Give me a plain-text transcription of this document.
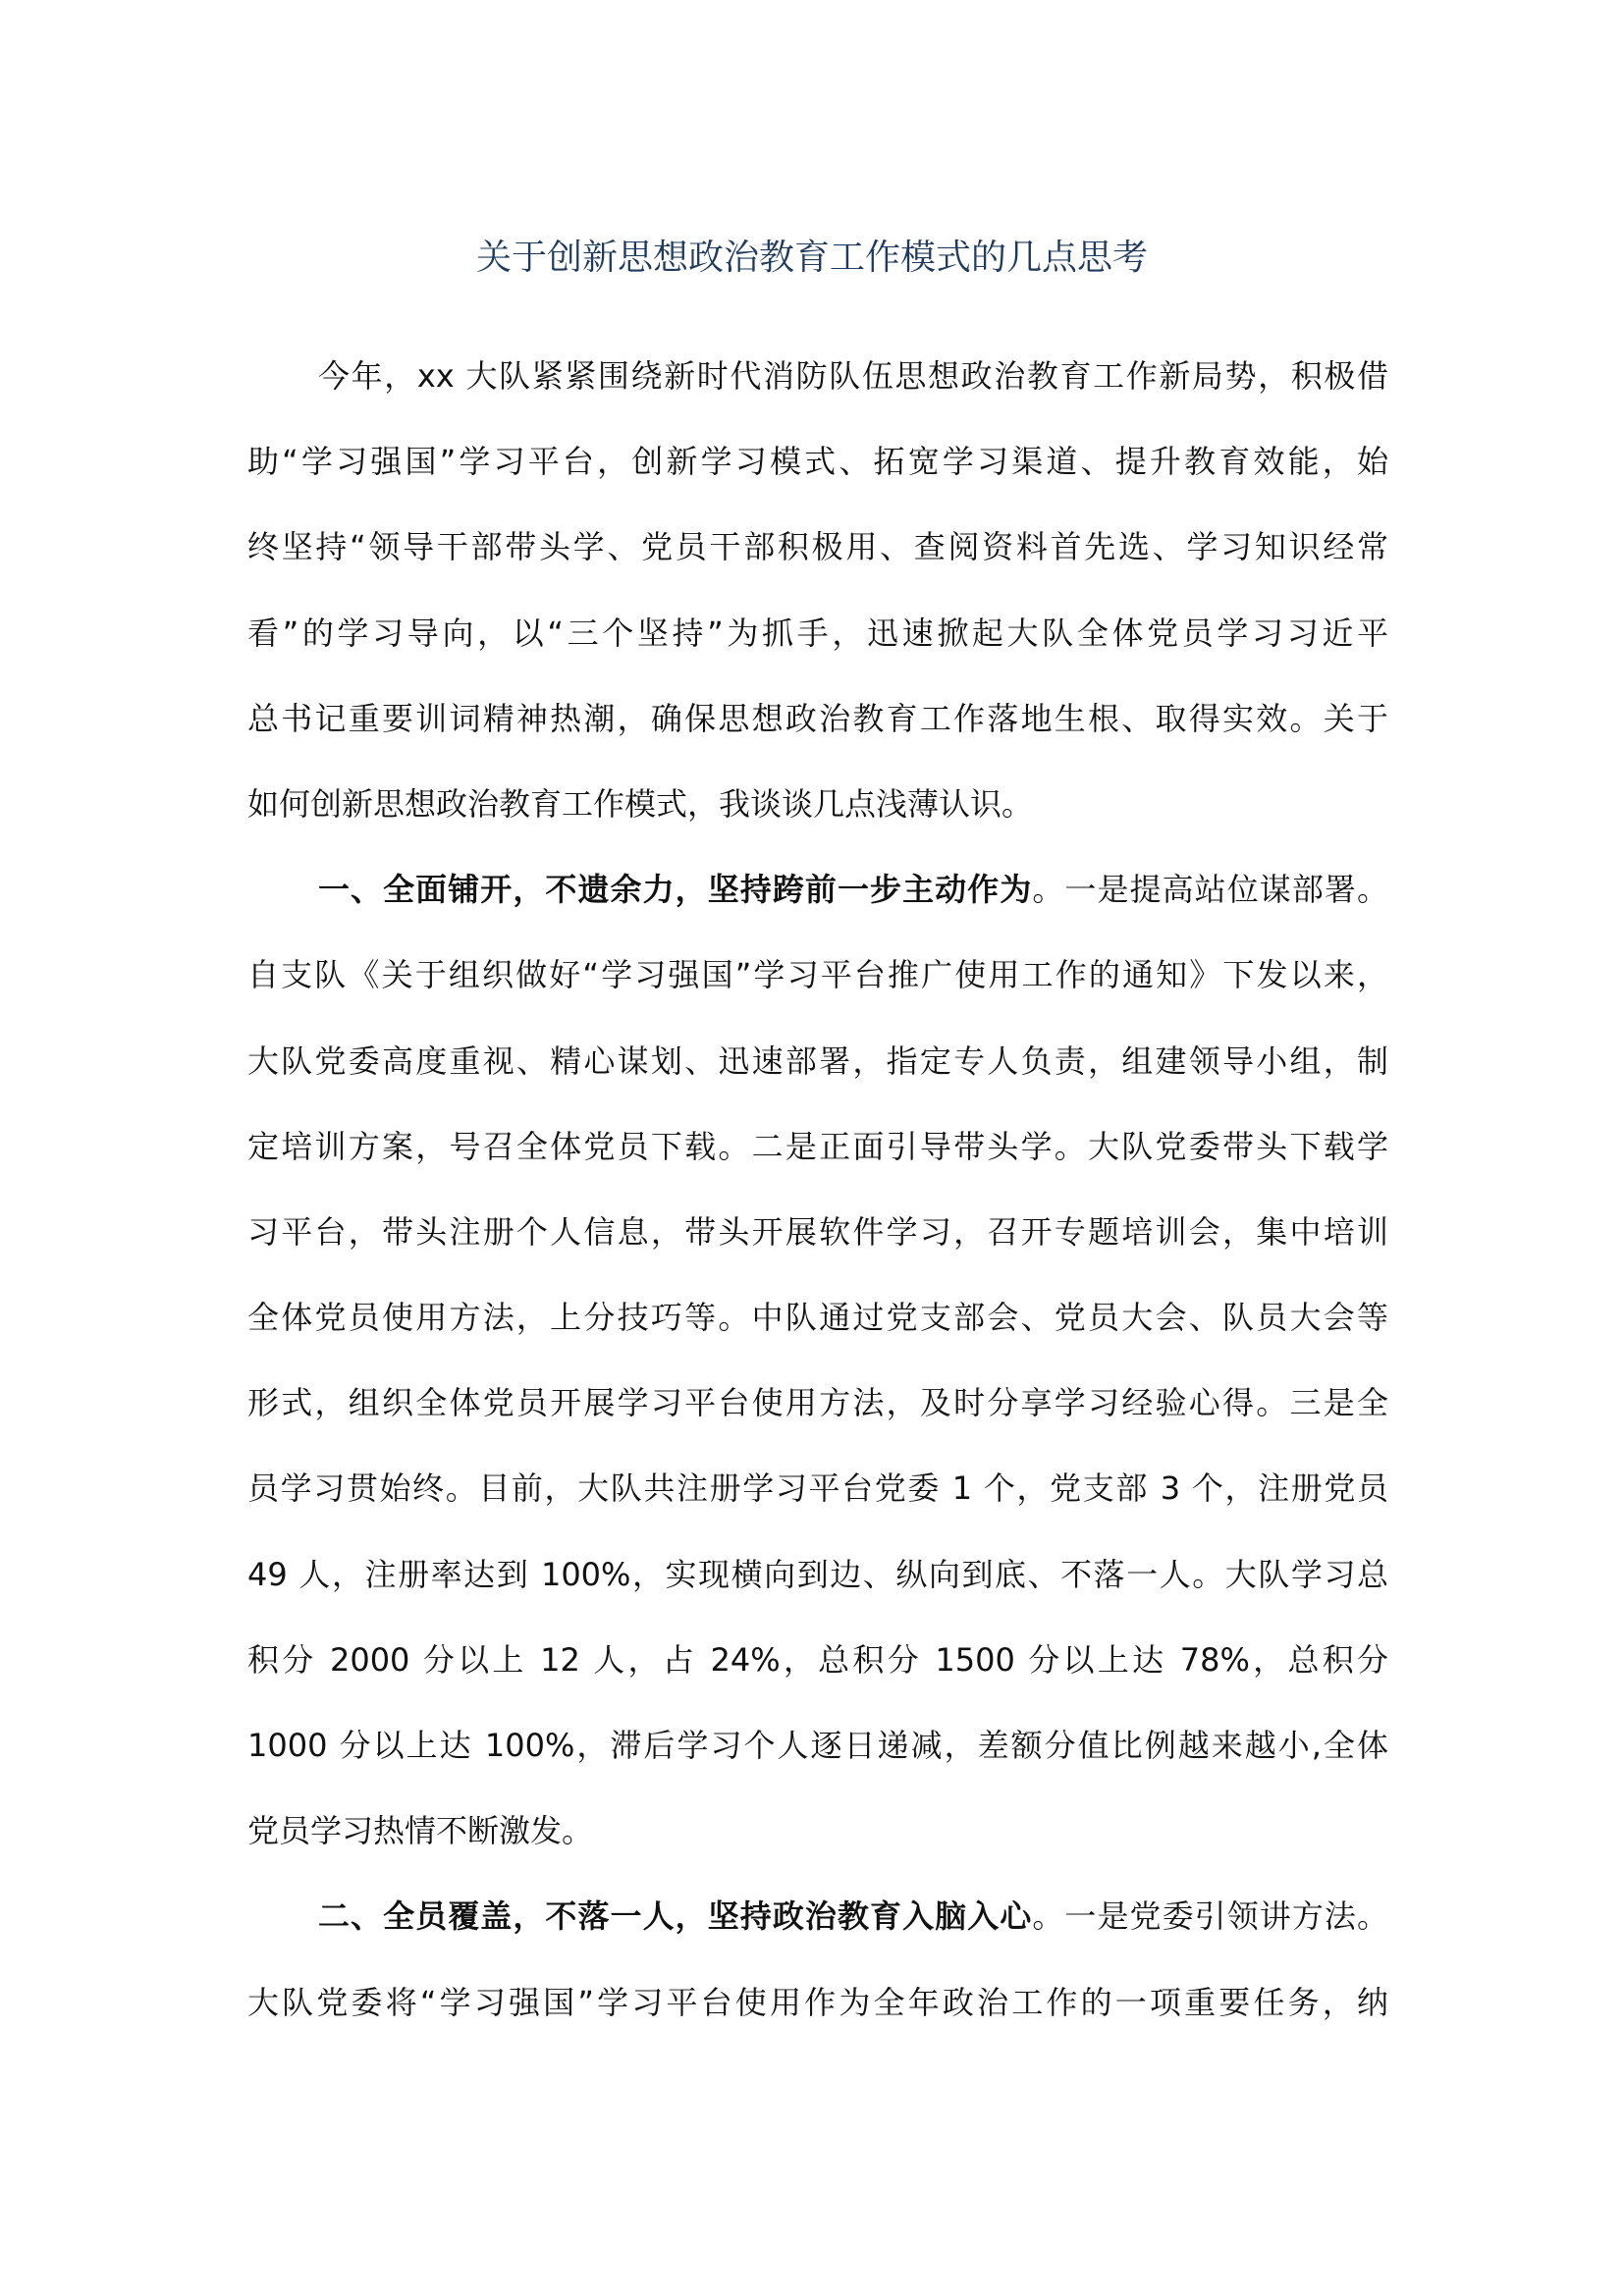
关于创新思想政治教育工作模式的几点思考
今年，xx 大队紧紧围绕新时代消防队伍思想政治教育工作新局势，积极借
助“学习强国”学习平台，创新学习模式、拓宽学习渠道、提升教育效能，始
终坚持“领导干部带头学、党员干部积极用、查阅资料首先选、学习知识经常
看”的学习导向，以“三个坚持”为抓手，迅速掀起大队全体党员学习习近平
总书记重要训词精神热潮，确保思想政治教育工作落地生根、取得实效。关于
如何创新思想政治教育工作模式，我谈谈几点浅薄认识。
一、全面铺开，不遗余力，坚持跨前一步主动作为。一是提高站位谋部署。
自支队《关于组织做好“学习强国”学习平台推广使用工作的通知》下发以来，
大队党委高度重视、精心谋划、迅速部署，指定专人负责，组建领导小组，制
定培训方案，号召全体党员下载。二是正面引导带头学。大队党委带头下载学
习平台，带头注册个人信息，带头开展软件学习，召开专题培训会，集中培训
全体党员使用方法，上分技巧等。中队通过党支部会、党员大会、队员大会等
形式，组织全体党员开展学习平台使用方法，及时分享学习经验心得。三是全
员学习贯始终。目前，大队共注册学习平台党委 1 个，党支部 3 个，注册党员
49 人，注册率达到 100%，实现横向到边、纵向到底、不落一人。大队学习总
积分 2000 分以上 12 人，占 24%，总积分 1500 分以上达 78%，总积分
1000 分以上达 100%，滞后学习个人逐日递减，差额分值比例越来越小,全体
党员学习热情不断激发。
二、全员覆盖，不落一人，坚持政治教育入脑入心。一是党委引领讲方法。
大队党委将“学习强国”学习平台使用作为全年政治工作的一项重要任务，纳
